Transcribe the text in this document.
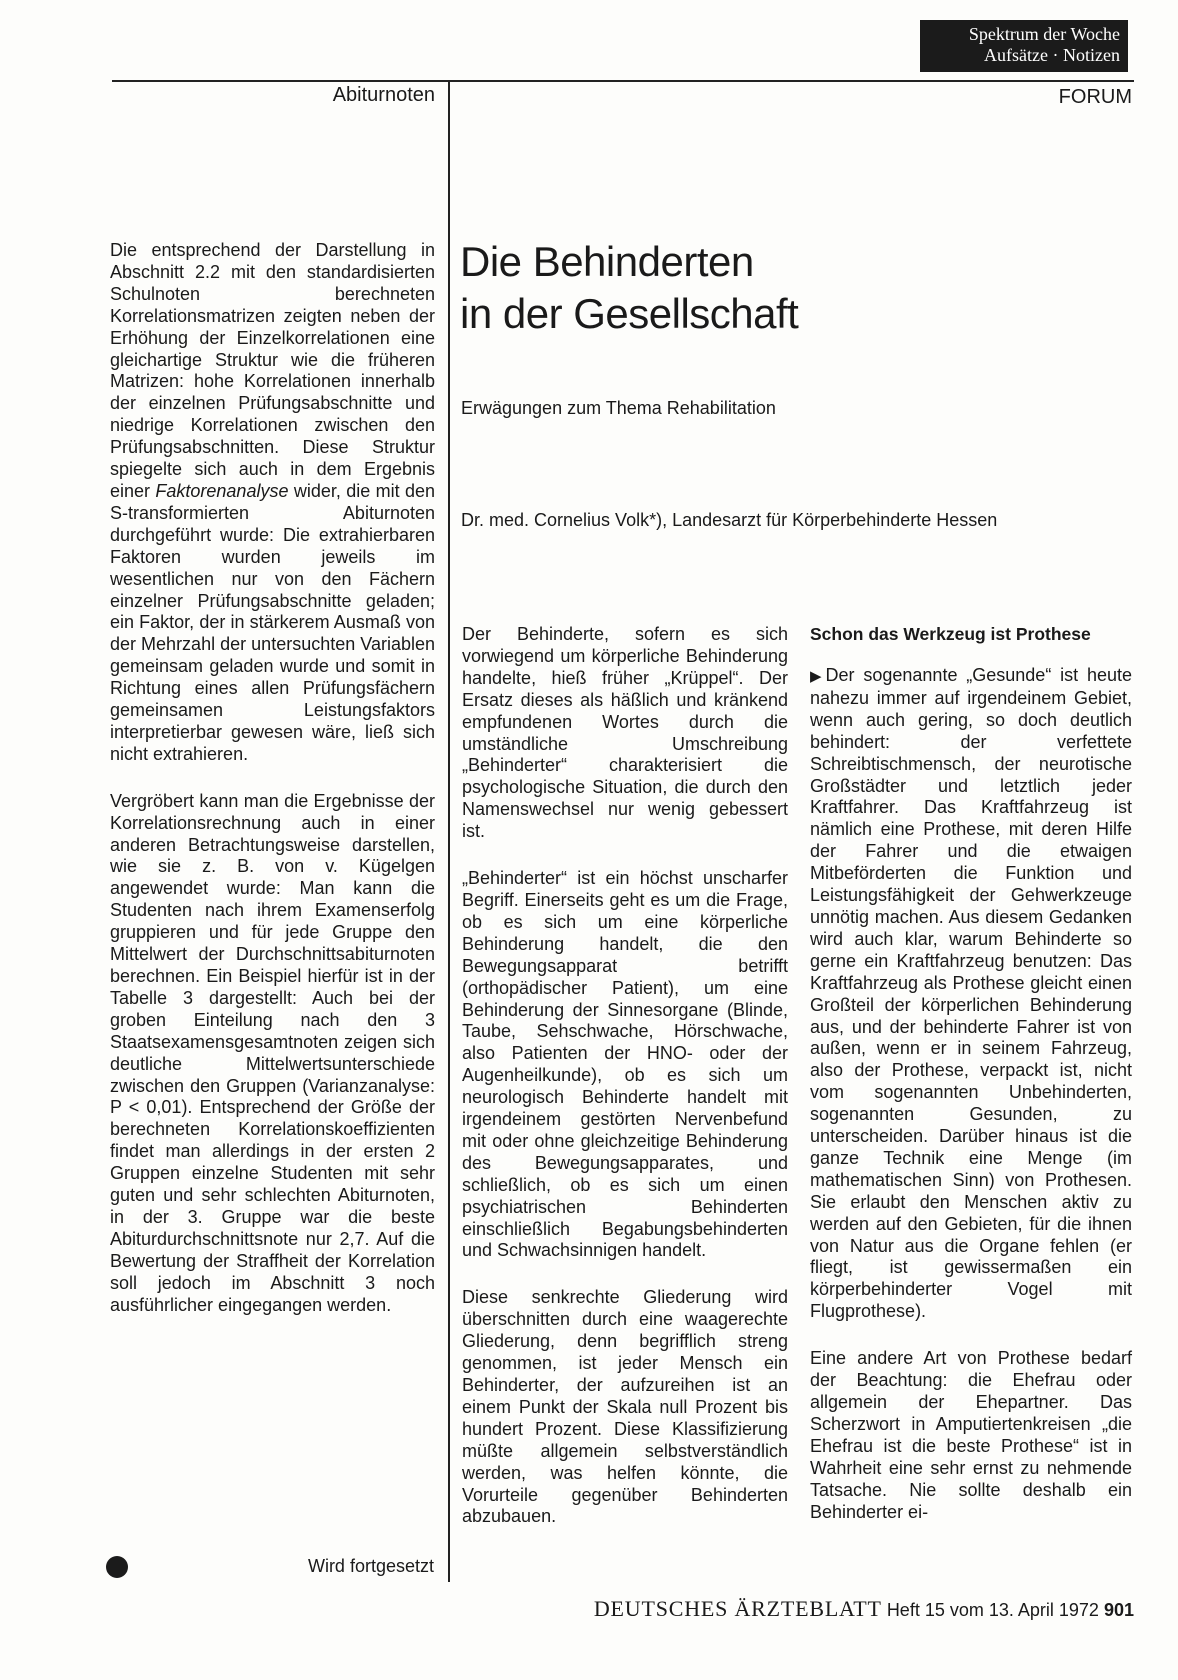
Spektrum der Woche
Aufsätze · Notizen
Abiturnoten	FORUM

Die entsprechend der Darstellung in Abschnitt 2.2 mit den standardisierten Schulnoten berechneten Korrelationsmatrizen zeigten neben der Erhöhung der Einzelkorrelationen eine gleichartige Struktur wie die früheren Matrizen: hohe Korrelationen innerhalb der einzelnen Prüfungsabschnitte und niedrige Korrelationen zwischen den Prüfungsabschnitten. Diese Struktur spiegelte sich auch in dem Ergebnis einer Faktorenanalyse wider, die mit den S-transformierten Abiturnoten durchgeführt wurde: Die extrahierbaren Faktoren wurden jeweils im wesentlichen nur von den Fächern einzelner Prüfungsabschnitte geladen; ein Faktor, der in stärkerem Ausmaß von der Mehrzahl der untersuchten Variablen gemeinsam geladen wurde und somit in Richtung eines allen Prüfungsfächern gemeinsamen Leistungsfaktors interpretierbar gewesen wäre, ließ sich nicht extrahieren.

Vergröbert kann man die Ergebnisse der Korrelationsrechnung auch in einer anderen Betrachtungsweise darstellen, wie sie z. B. von v. Kügelgen angewendet wurde: Man kann die Studenten nach ihrem Examenserfolg gruppieren und für jede Gruppe den Mittelwert der Durchschnittsabiturnoten berechnen. Ein Beispiel hierfür ist in der Tabelle 3 dargestellt: Auch bei der groben Einteilung nach den 3 Staatsexamensgesamtnoten zeigen sich deutliche Mittelwertsunterschiede zwischen den Gruppen (Varianzanalyse: P < 0,01). Entsprechend der Größe der berechneten Korrelationskoeffizienten findet man allerdings in der ersten 2 Gruppen einzelne Studenten mit sehr guten und sehr schlechten Abiturnoten, in der 3. Gruppe war die beste Abiturdurchschnittsnote nur 2,7. Auf die Bewertung der Straffheit der Korrelation soll jedoch im Abschnitt 3 noch ausführlicher eingegangen werden.

Die Behinderten
in der Gesellschaft
Erwägungen zum Thema Rehabilitation
Dr. med. Cornelius Volk*), Landesarzt für Körperbehinderte Hessen

Der Behinderte, sofern es sich vorwiegend um körperliche Behinderung handelte, hieß früher „Krüppel“. Der Ersatz dieses als häßlich und kränkend empfundenen Wortes durch die umständliche Umschreibung „Behinderter“ charakterisiert die psychologische Situation, die durch den Namenswechsel nur wenig gebessert ist.

„Behinderter“ ist ein höchst unscharfer Begriff. Einerseits geht es um die Frage, ob es sich um eine körperliche Behinderung handelt, die den Bewegungsapparat betrifft (orthopädischer Patient), um eine Behinderung der Sinnesorgane (Blinde, Taube, Sehschwache, Hörschwache, also Patienten der HNO- oder der Augenheilkunde), ob es sich um neurologisch Behinderte handelt mit irgendeinem gestörten Nervenbefund mit oder ohne gleichzeitige Behinderung des Bewegungsapparates, und schließlich, ob es sich um einen psychiatrischen Behinderten einschließlich Begabungsbehinderten und Schwachsinnigen handelt.

Diese senkrechte Gliederung wird überschnitten durch eine waagerechte Gliederung, denn begrifflich streng genommen, ist jeder Mensch ein Behinderter, der aufzureihen ist an einem Punkt der Skala null Prozent bis hundert Prozent. Diese Klassifizierung müßte allgemein selbstverständlich werden, was helfen könnte, die Vorurteile gegenüber Behinderten abzubauen.

Schon das Werkzeug ist Prothese

▶ Der sogenannte „Gesunde“ ist heute nahezu immer auf irgendeinem Gebiet, wenn auch gering, so doch deutlich behindert: der verfettete Schreibtischmensch, der neurotische Großstädter und letztlich jeder Kraftfahrer. Das Kraftfahrzeug ist nämlich eine Prothese, mit deren Hilfe der Fahrer und die etwaigen Mitbeförderten die Funktion und Leistungsfähigkeit der Gehwerkzeuge unnötig machen. Aus diesem Gedanken wird auch klar, warum Behinderte so gerne ein Kraftfahrzeug benutzen: Das Kraftfahrzeug als Prothese gleicht einen Großteil der körperlichen Behinderung aus, und der behinderte Fahrer ist von außen, wenn er in seinem Fahrzeug, also der Prothese, verpackt ist, nicht vom sogenannten Unbehinderten, sogenannten Gesunden, zu unterscheiden. Darüber hinaus ist die ganze Technik eine Menge (im mathematischen Sinn) von Prothesen. Sie erlaubt den Menschen aktiv zu werden auf den Gebieten, für die ihnen von Natur aus die Organe fehlen (er fliegt, ist gewissermaßen ein körperbehinderter Vogel mit Flugprothese).

Eine andere Art von Prothese bedarf der Beachtung: die Ehefrau oder allgemein der Ehepartner. Das Scherzwort in Amputiertenkreisen „die Ehefrau ist die beste Prothese“ ist in Wahrheit eine sehr ernst zu nehmende Tatsache. Nie sollte deshalb ein Behinderter ei-

Wird fortgesetzt
DEUTSCHES ÄRZTEBLATT Heft 15 vom 13. April 1972 901
